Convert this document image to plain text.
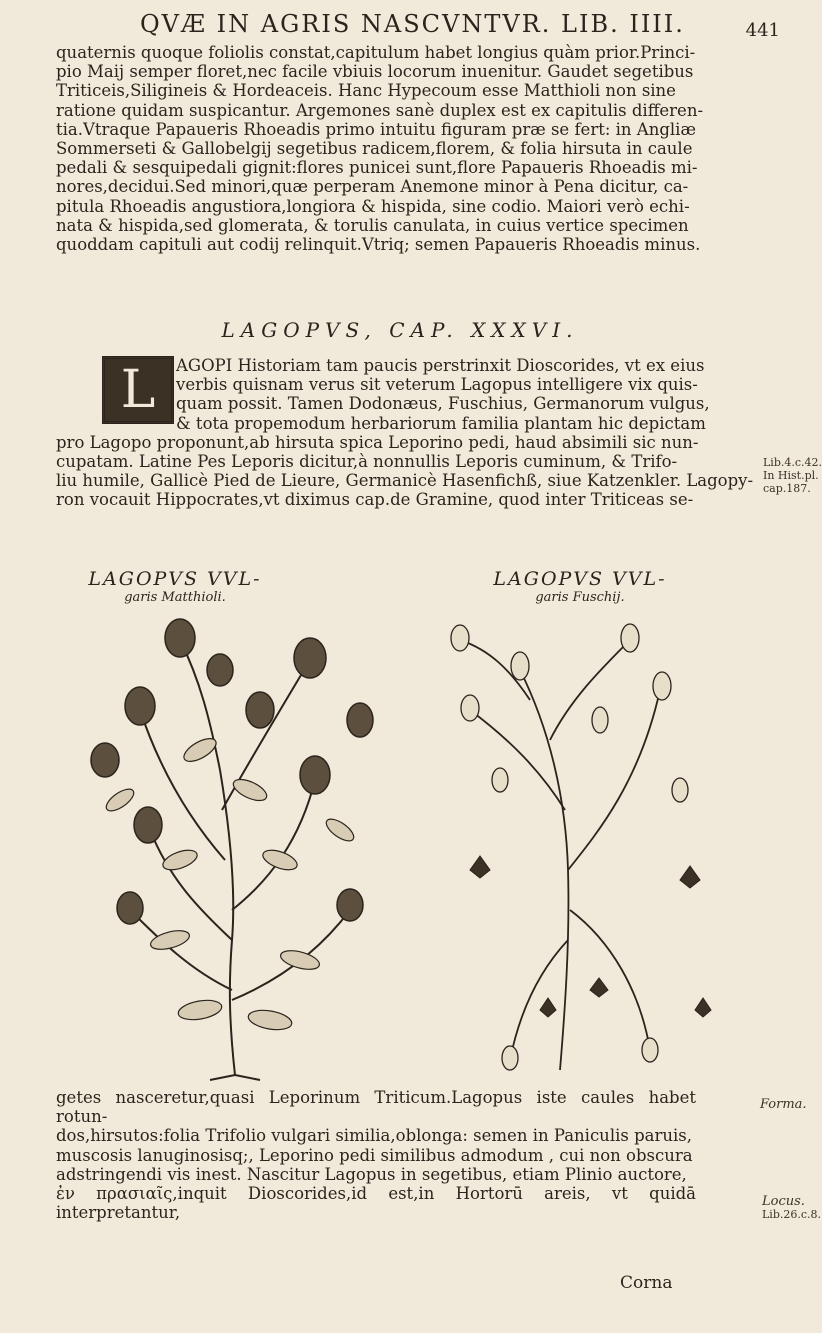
QVÆ IN AGRIS NASCVNTVR. LIB. IIII.	441

quaternis quoque foliolis constat,capitulum habet longius quàm prior.Princi-

pio Maij semper floret,nec facile vbiuis locorum inuenitur. Gaudet segetibus

Triticeis,Siligineis & Hordeaceis. Hanc Hypecoum esse Matthioli non sine

ratione quidam suspicantur. Argemones sanè duplex est ex capitulis differen-

tia.Vtraque Papaueris Rhoeadis primo intuitu figuram præ se fert: in Angliæ

Sommerseti & Gallobelgij segetibus radicem,florem, & folia hirsuta in caule

pedali & sesquipedali gignit:flores punicei sunt,flore Papaueris Rhoeadis mi-

nores,decidui.Sed minori,quæ perperam Anemone minor à Pena dicitur, ca-

pitula Rhoeadis angustiora,longiora & hispida, sine codio. Maiori verò echi-

nata & hispida,sed glomerata, & torulis canulata, in cuius vertice specimen

quoddam capituli aut codij relinquit.Vtriq; semen Papaueris Rhoeadis minus.

LAGOPVS, CAP. XXXVI.

AGOPI Historiam tam paucis perstrinxit Dioscorides, vt ex eius

verbis quisnam verus sit veterum Lagopus intelligere vix quis-

quam possit. Tamen Dodonæus, Fuschius, Germanorum vulgus,

& tota propemodum herbariorum familia plantam hic depictam

pro Lagopo proponunt,ab hirsuta spica Leporino pedi, haud absimili sic nun-

cupatam. Latine Pes Leporis dicitur,à nonnullis Leporis cuminum, & Trifo-

liu humile, Gallicè Pied de Lieure, Germanicè Hasenfichß, siue Katzenkler. Lagopy-

ron vocauit Hippocrates,vt diximus cap.de Gramine, quod inter Triticeas se-

L
LAGOPVS VVL-
garis Matthioli.
LAGOPVS VVL-
garis Fuschij.

getes nasceretur,quasi Leporinum Triticum.Lagopus iste caules habet rotun-

dos,hirsutos:folia Trifolio vulgari similia,oblonga: semen in Paniculis paruis,

muscosis lanuginosisq;, Leporino pedi similibus admodum , cui non obscura

adstringendi vis inest. Nascitur Lagopus in segetibus, etiam Plinio auctore,

ἐν πρασιαῖς,inquit Dioscorides,id est,in Hortorū areis, vt quidā interpretantur,

Corna
Lib.4.c.42.
In Hist.pl.
cap.187.
Forma.
Locus.
Lib.26.c.8.
